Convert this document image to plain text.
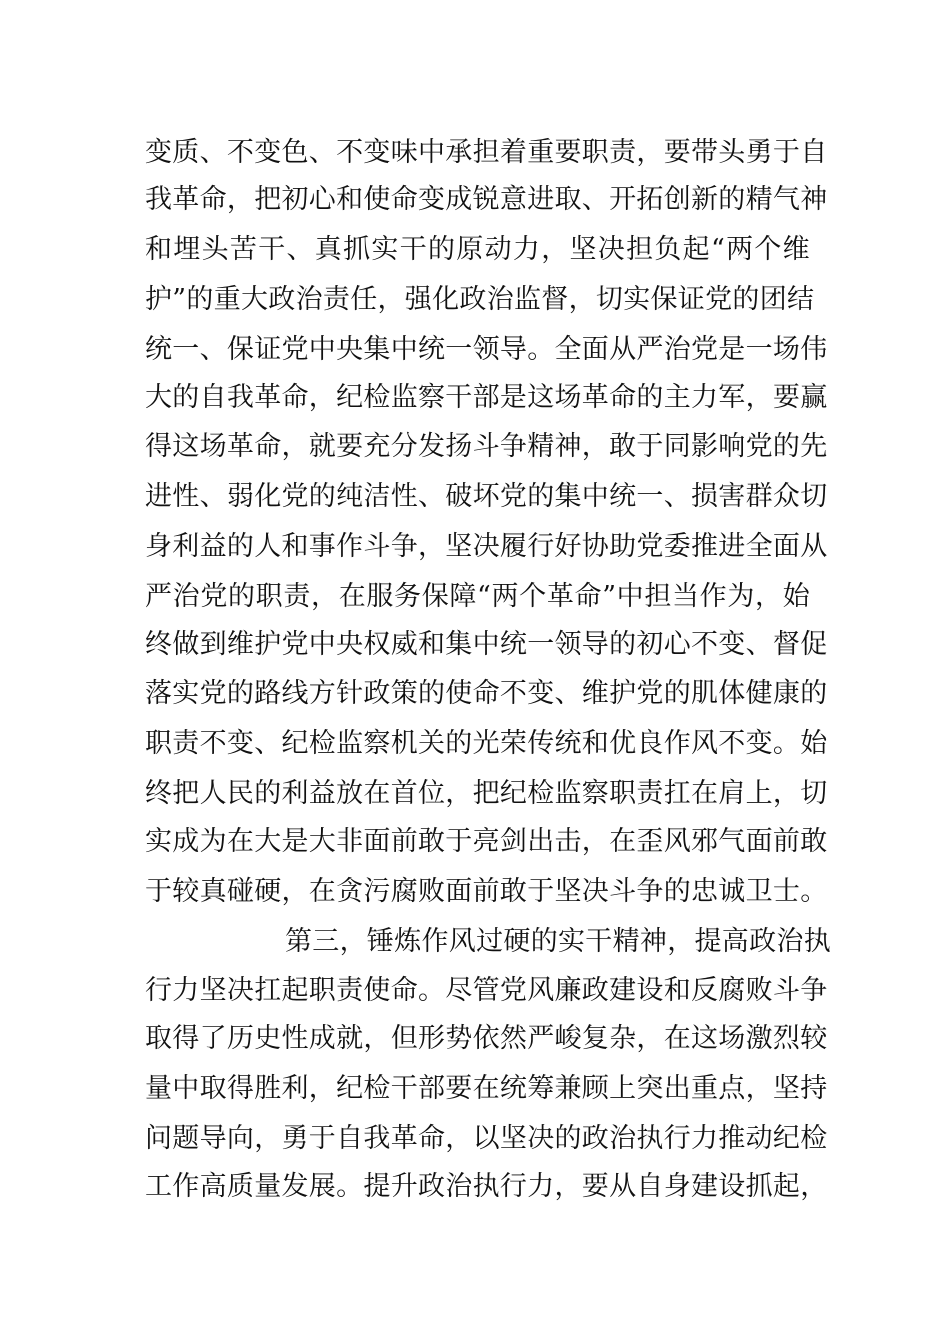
变质、不变色、不变味中承担着重要职责，要带头勇于自
我革命，把初心和使命变成锐意进取、开拓创新的精气神
和埋头苦干、真抓实干的原动力，坚决担负起“两个维
护”的重大政治责任，强化政治监督，切实保证党的团结
统一、保证党中央集中统一领导。全面从严治党是一场伟
大的自我革命，纪检监察干部是这场革命的主力军，要赢
得这场革命，就要充分发扬斗争精神，敢于同影响党的先
进性、弱化党的纯洁性、破坏党的集中统一、损害群众切
身利益的人和事作斗争，坚决履行好协助党委推进全面从
严治党的职责，在服务保障“两个革命”中担当作为，始
终做到维护党中央权威和集中统一领导的初心不变、督促
落实党的路线方针政策的使命不变、维护党的肌体健康的
职责不变、纪检监察机关的光荣传统和优良作风不变。始
终把人民的利益放在首位，把纪检监察职责扛在肩上，切
实成为在大是大非面前敢于亮剑出击，在歪风邪气面前敢
于较真碰硬，在贪污腐败面前敢于坚决斗争的忠诚卫士。
第三，锤炼作风过硬的实干精神，提高政治执
行力坚决扛起职责使命。尽管党风廉政建设和反腐败斗争
取得了历史性成就，但形势依然严峻复杂，在这场激烈较
量中取得胜利，纪检干部要在统筹兼顾上突出重点，坚持
问题导向，勇于自我革命，以坚决的政治执行力推动纪检
工作高质量发展。提升政治执行力，要从自身建设抓起，
